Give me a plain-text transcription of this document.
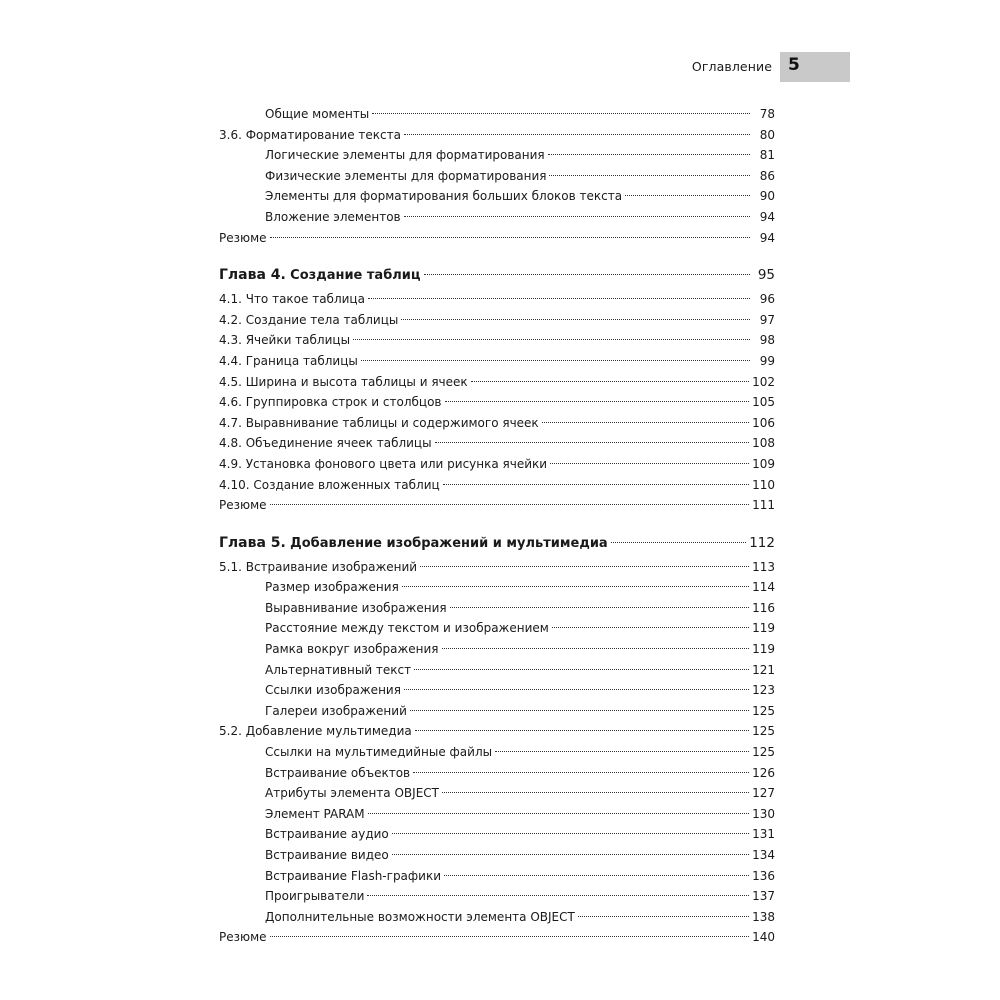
Оглавление 5
Общие моменты	78
3.6. Форматирование текста	80
Логические элементы для форматирования	81
Физические элементы для форматирования	86
Элементы для форматирования больших блоков текста	90
Вложение элементов	94
Резюме	94
Глава 4. Создание таблиц	95
4.1. Что такое таблица	96
4.2. Создание тела таблицы	97
4.3. Ячейки таблицы	98
4.4. Граница таблицы	99
4.5. Ширина и высота таблицы и ячеек	102
4.6. Группировка строк и столбцов	105
4.7. Выравнивание таблицы и содержимого ячеек	106
4.8. Объединение ячеек таблицы	108
4.9. Установка фонового цвета или рисунка ячейки	109
4.10. Создание вложенных таблиц	110
Резюме	111
Глава 5. Добавление изображений и мультимедиа	112
5.1. Встраивание изображений	113
Размер изображения	114
Выравнивание изображения	116
Расстояние между текстом и изображением	119
Рамка вокруг изображения	119
Альтернативный текст	121
Ссылки изображения	123
Галереи изображений	125
5.2. Добавление мультимедиа	125
Ссылки на мультимедийные файлы	125
Встраивание объектов	126
Атрибуты элемента OBJECT	127
Элемент PARAM	130
Встраивание аудио	131
Встраивание видео	134
Встраивание Flash-графики	136
Проигрыватели	137
Дополнительные возможности элемента OBJECT	138
Резюме	140
